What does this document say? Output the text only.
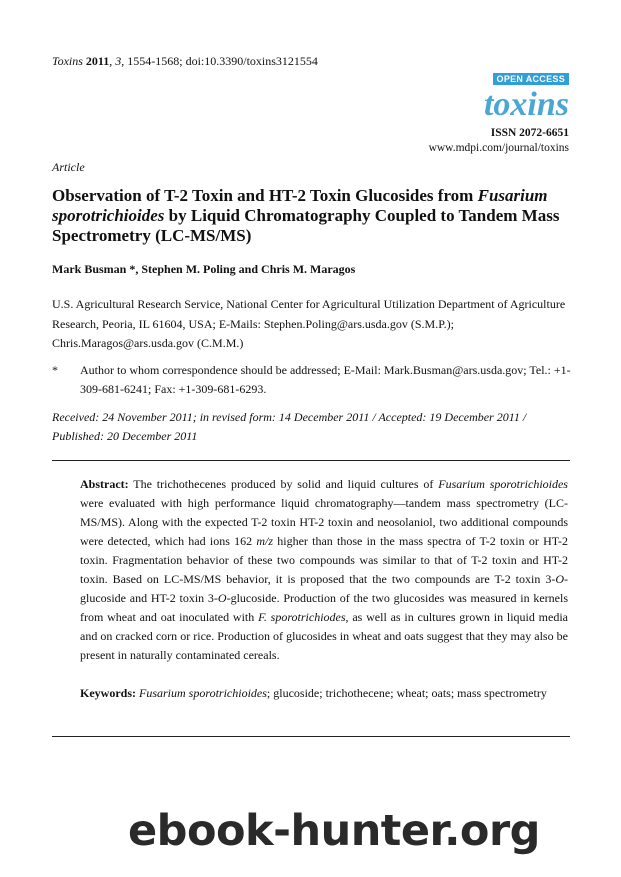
Toxins 2011, 3, 1554-1568; doi:10.3390/toxins3121554
OPEN ACCESS
toxins
ISSN 2072-6651
www.mdpi.com/journal/toxins
Article
Observation of T-2 Toxin and HT-2 Toxin Glucosides from Fusarium sporotrichioides by Liquid Chromatography Coupled to Tandem Mass Spectrometry (LC-MS/MS)
Mark Busman *, Stephen M. Poling and Chris M. Maragos
U.S. Agricultural Research Service, National Center for Agricultural Utilization Department of Agriculture Research, Peoria, IL 61604, USA; E-Mails: Stephen.Poling@ars.usda.gov (S.M.P.); Chris.Maragos@ars.usda.gov (C.M.M.)
* Author to whom correspondence should be addressed; E-Mail: Mark.Busman@ars.usda.gov; Tel.: +1-309-681-6241; Fax: +1-309-681-6293.
Received: 24 November 2011; in revised form: 14 December 2011 / Accepted: 19 December 2011 / Published: 20 December 2011
Abstract: The trichothecenes produced by solid and liquid cultures of Fusarium sporotrichioides were evaluated with high performance liquid chromatography—tandem mass spectrometry (LC-MS/MS). Along with the expected T-2 toxin HT-2 toxin and neosolaniol, two additional compounds were detected, which had ions 162 m/z higher than those in the mass spectra of T-2 toxin or HT-2 toxin. Fragmentation behavior of these two compounds was similar to that of T-2 toxin and HT-2 toxin. Based on LC-MS/MS behavior, it is proposed that the two compounds are T-2 toxin 3-O-glucoside and HT-2 toxin 3-O-glucoside. Production of the two glucosides was measured in kernels from wheat and oat inoculated with F. sporotrichiodes, as well as in cultures grown in liquid media and on cracked corn or rice. Production of glucosides in wheat and oats suggest that they may also be present in naturally contaminated cereals.
Keywords: Fusarium sporotrichioides; glucoside; trichothecene; wheat; oats; mass spectrometry
ebook-hunter.org
